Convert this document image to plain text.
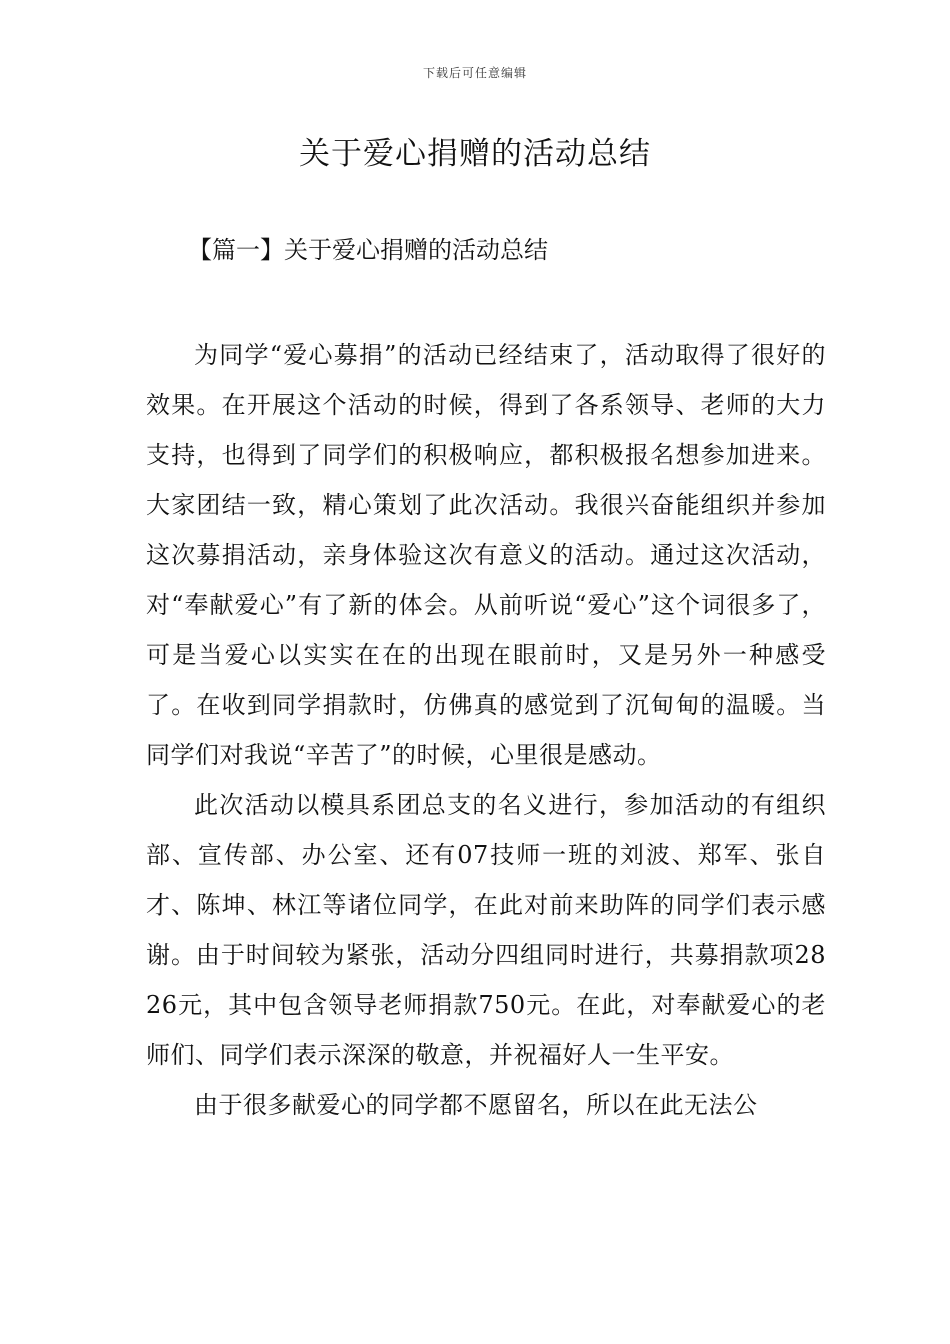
下载后可任意编辑
关于爱心捐赠的活动总结
【篇一】关于爱心捐赠的活动总结

为同学“爱心募捐”的活动已经结束了，活动取得了很好的效果。在开展这个活动的时候，得到了各系领导、老师的大力支持，也得到了同学们的积极响应，都积极报名想参加进来。大家团结一致，精心策划了此次活动。我很兴奋能组织并参加这次募捐活动，亲身体验这次有意义的活动。通过这次活动，对“奉献爱心”有了新的体会。从前听说“爱心”这个词很多了，可是当爱心以实实在在的出现在眼前时，又是另外一种感受了。在收到同学捐款时，仿佛真的感觉到了沉甸甸的温暖。当同学们对我说“辛苦了”的时候，心里很是感动。

此次活动以模具系团总支的名义进行，参加活动的有组织部、宣传部、办公室、还有07技师一班的刘波、郑军、张自才、陈坤、林江等诸位同学，在此对前来助阵的同学们表示感谢。由于时间较为紧张，活动分四组同时进行，共募捐款项2826元，其中包含领导老师捐款750元。在此，对奉献爱心的老师们、同学们表示深深的敬意，并祝福好人一生平安。

由于很多献爱心的同学都不愿留名，所以在此无法公
